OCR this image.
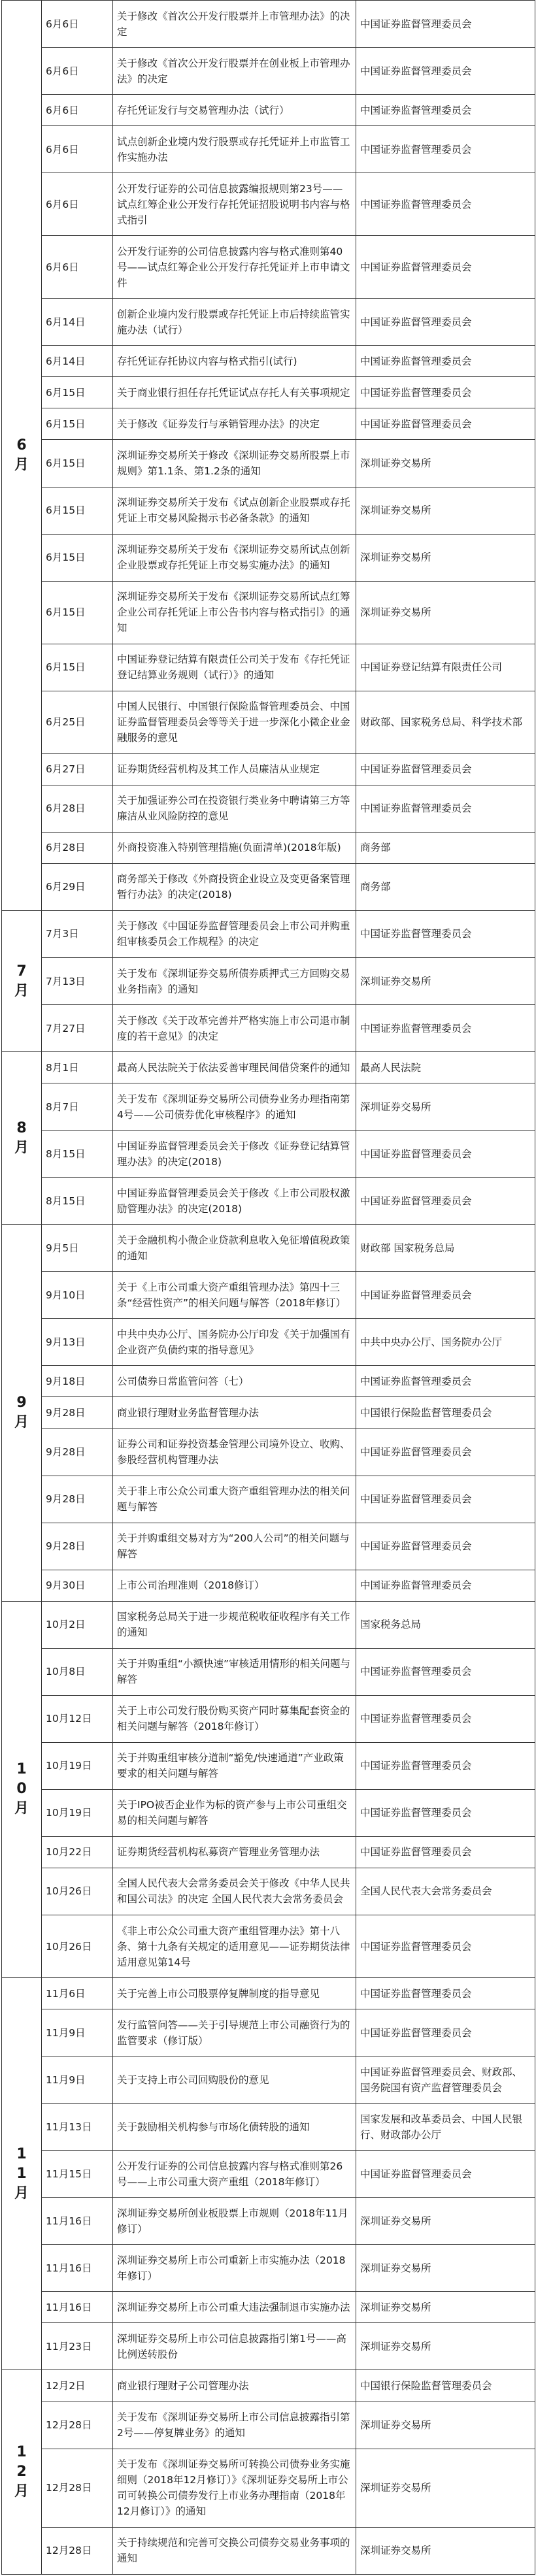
6月	6月6日	关于修改《首次公开发行股票并上市管理办法》的决定	中国证券监督管理委员会
	6月6日	关于修改《首次公开发行股票并在创业板上市管理办法》的决定	中国证券监督管理委员会
	6月6日	存托凭证发行与交易管理办法（试行）	中国证券监督管理委员会
	6月6日	试点创新企业境内发行股票或存托凭证并上市监管工作实施办法	中国证券监督管理委员会
	6月6日	公开发行证券的公司信息披露编报规则第23号——试点红筹企业公开发行存托凭证招股说明书内容与格式指引	中国证券监督管理委员会
	6月6日	公开发行证券的公司信息披露内容与格式准则第40号——试点红筹企业公开发行存托凭证并上市申请文件	中国证券监督管理委员会
	6月14日	创新企业境内发行股票或存托凭证上市后持续监管实施办法（试行）	中国证券监督管理委员会
	6月14日	存托凭证存托协议内容与格式指引(试行)	中国证券监督管理委员会
	6月15日	关于商业银行担任存托凭证试点存托人有关事项规定	中国证券监督管理委员会
	6月15日	关于修改《证券发行与承销管理办法》的决定	中国证券监督管理委员会
	6月15日	深圳证券交易所关于修改《深圳证券交易所股票上市规则》第1.1条、第1.2条的通知	深圳证券交易所
	6月15日	深圳证券交易所关于发布《试点创新企业股票或存托凭证上市交易风险揭示书必备条款》的通知	深圳证券交易所
	6月15日	深圳证券交易所关于发布《深圳证券交易所试点创新企业股票或存托凭证上市交易实施办法》的通知	深圳证券交易所
	6月15日	深圳证券交易所关于发布《深圳证券交易所试点红筹企业公司存托凭证上市公告书内容与格式指引》的通知	深圳证券交易所
	6月15日	中国证券登记结算有限责任公司关于发布《存托凭证登记结算业务规则（试行）》的通知	中国证券登记结算有限责任公司
	6月25日	中国人民银行、中国银行保险监督管理委员会、中国证券监督管理委员会等等关于进一步深化小微企业金融服务的意见	财政部、国家税务总局、科学技术部
	6月27日	证券期货经营机构及其工作人员廉洁从业规定	中国证券监督管理委员会
	6月28日	关于加强证券公司在投资银行类业务中聘请第三方等廉洁从业风险防控的意见	中国证券监督管理委员会
	6月28日	外商投资准入特别管理措施(负面清单)(2018年版)	商务部
	6月29日	商务部关于修改《外商投资企业设立及变更备案管理暂行办法》的决定(2018)	商务部
7月	7月3日	关于修改《中国证券监督管理委员会上市公司并购重组审核委员会工作规程》的决定	中国证券监督管理委员会
	7月13日	关于发布《深圳证券交易所债券质押式三方回购交易业务指南》的通知	深圳证券交易所
	7月27日	关于修改《关于改革完善并严格实施上市公司退市制度的若干意见》的决定	中国证券监督管理委员会
8月	8月1日	最高人民法院关于依法妥善审理民间借贷案件的通知	最高人民法院
	8月7日	关于发布《深圳证券交易所公司债券业务办理指南第4号——公司债券优化审核程序》的通知	深圳证券交易所
	8月15日	中国证券监督管理委员会关于修改《证券登记结算管理办法》的决定(2018)	中国证券监督管理委员会
	8月15日	中国证券监督管理委员会关于修改《上市公司股权激励管理办法》的决定(2018)	中国证券监督管理委员会
9月	9月5日	关于金融机构小微企业贷款利息收入免征增值税政策的通知	财政部 国家税务总局
	9月10日	关于《上市公司重大资产重组管理办法》第四十三条“经营性资产”的相关问题与解答（2018年修订）	中国证券监督管理委员会
	9月13日	中共中央办公厅、国务院办公厅印发《关于加强国有企业资产负债约束的指导意见》	中共中央办公厅、国务院办公厅
	9月18日	公司债券日常监管问答（七）	中国证券监督管理委员会
	9月28日	商业银行理财业务监督管理办法	中国银行保险监督管理委员会
	9月28日	证券公司和证券投资基金管理公司境外设立、收购、参股经营机构管理办法	中国证券监督管理委员会
	9月28日	关于非上市公众公司重大资产重组管理办法的相关问题与解答	中国证券监督管理委员会
	9月28日	关于并购重组交易对方为“200人公司”的相关问题与解答	中国证券监督管理委员会
	9月30日	上市公司治理准则（2018修订）	中国证券监督管理委员会
10月	10月2日	国家税务总局关于进一步规范税收征收程序有关工作的通知	国家税务总局
	10月8日	关于并购重组“小额快速”审核适用情形的相关问题与解答	中国证券监督管理委员会
	10月12日	关于上市公司发行股份购买资产同时募集配套资金的相关问题与解答（2018年修订）	中国证券监督管理委员会
	10月19日	关于并购重组审核分道制“豁免/快速通道”产业政策要求的相关问题与解答	中国证券监督管理委员会
	10月19日	关于IPO被否企业作为标的资产参与上市公司重组交易的相关问题与解答	中国证券监督管理委员会
	10月22日	证券期货经营机构私募资产管理业务管理办法	中国证券监督管理委员会
	10月26日	全国人民代表大会常务委员会关于修改《中华人民共和国公司法》的决定 全国人民代表大会常务委员会	全国人民代表大会常务委员会
	10月26日	《非上市公众公司重大资产重组管理办法》第十八条、第十九条有关规定的适用意见——证券期货法律适用意见第14号	中国证券监督管理委员会
11月	11月6日	关于完善上市公司股票停复牌制度的指导意见	中国证券监督管理委员会
	11月9日	发行监管问答——关于引导规范上市公司融资行为的监管要求（修订版）	中国证券监督管理委员会
	11月9日	关于支持上市公司回购股份的意见	中国证券监督管理委员会、财政部、国务院国有资产监督管理委员会
	11月13日	关于鼓励相关机构参与市场化债转股的通知	国家发展和改革委员会、中国人民银行、财政部办公厅
	11月15日	公开发行证券的公司信息披露内容与格式准则第26号——上市公司重大资产重组（2018年修订）	中国证券监督管理委员会
	11月16日	深圳证券交易所创业板股票上市规则（2018年11月修订）	深圳证券交易所
	11月16日	深圳证券交易所上市公司重新上市实施办法（2018年修订）	深圳证券交易所
	11月16日	深圳证券交易所上市公司重大违法强制退市实施办法	深圳证券交易所
	11月23日	深圳证券交易所上市公司信息披露指引第1号——高比例送转股份	深圳证券交易所
12月	12月2日	商业银行理财子公司管理办法	中国银行保险监督管理委员会
	12月28日	关于发布《深圳证券交易所上市公司信息披露指引第2号——停复牌业务》的通知	深圳证券交易所
	12月28日	关于发布《深圳证券交易所可转换公司债券业务实施细则（2018年12月修订）》《深圳证券交易所上市公司可转换公司债券发行上市业务办理指南（2018年12月修订）》的通知	深圳证券交易所
	12月28日	关于持续规范和完善可交换公司债券交易业务事项的通知	深圳证券交易所
